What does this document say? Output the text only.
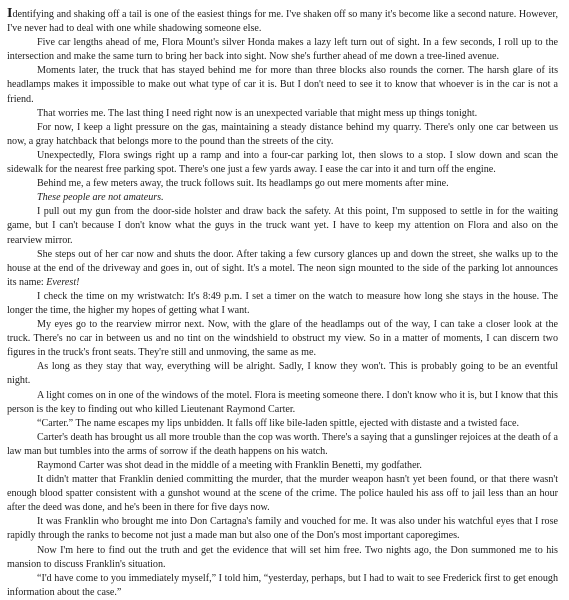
Identifying and shaking off a tail is one of the easiest things for me. I've shaken off so many it's become like a second nature. However, I've never had to deal with one while shadowing someone else.

Five car lengths ahead of me, Flora Mount's silver Honda makes a lazy left turn out of sight. In a few seconds, I roll up to the intersection and make the same turn to bring her back into sight. Now she's further ahead of me down a tree-lined avenue.

Moments later, the truck that has stayed behind me for more than three blocks also rounds the corner. The harsh glare of its headlamps makes it impossible to make out what type of car it is. But I don't need to see it to know that whoever is in the car is not a friend.

That worries me. The last thing I need right now is an unexpected variable that might mess up things tonight.

For now, I keep a light pressure on the gas, maintaining a steady distance behind my quarry. There's only one car between us now, a gray hatchback that belongs more to the pound than the streets of the city.

Unexpectedly, Flora swings right up a ramp and into a four-car parking lot, then slows to a stop. I slow down and scan the sidewalk for the nearest free parking spot. There's one just a few yards away. I ease the car into it and turn off the engine.

Behind me, a few meters away, the truck follows suit. Its headlamps go out mere moments after mine.

These people are not amateurs.

I pull out my gun from the door-side holster and draw back the safety. At this point, I'm supposed to settle in for the waiting game, but I can't because I don't know what the guys in the truck want yet. I have to keep my attention on Flora and also on the rearview mirror.

She steps out of her car now and shuts the door. After taking a few cursory glances up and down the street, she walks up to the house at the end of the driveway and goes in, out of sight. It's a motel. The neon sign mounted to the side of the parking lot announces its name: Everest!

I check the time on my wristwatch: It's 8:49 p.m. I set a timer on the watch to measure how long she stays in the house. The longer the time, the higher my hopes of getting what I want.

My eyes go to the rearview mirror next. Now, with the glare of the headlamps out of the way, I can take a closer look at the truck. There's no car in between us and no tint on the windshield to obstruct my view. So in a matter of moments, I can discern two figures in the truck's front seats. They're still and unmoving, the same as me.

As long as they stay that way, everything will be alright. Sadly, I know they won't. This is probably going to be an eventful night.

A light comes on in one of the windows of the motel. Flora is meeting someone there. I don't know who it is, but I know that this person is the key to finding out who killed Lieutenant Raymond Carter.

“Carter.” The name escapes my lips unbidden. It falls off like bile-laden spittle, ejected with distaste and a twisted face.

Carter's death has brought us all more trouble than the cop was worth. There's a saying that a gunslinger rejoices at the death of a law man but tumbles into the arms of sorrow if the death happens on his watch.

Raymond Carter was shot dead in the middle of a meeting with Franklin Benetti, my godfather.

It didn't matter that Franklin denied committing the murder, that the murder weapon hasn't yet been found, or that there wasn't enough blood spatter consistent with a gunshot wound at the scene of the crime. The police hauled his ass off to jail less than an hour after the deed was done, and he's been in there for five days now.

It was Franklin who brought me into Don Cartagna's family and vouched for me. It was also under his watchful eyes that I rose rapidly through the ranks to become not just a made man but also one of the Don's most important caporegimes.

Now I'm here to find out the truth and get the evidence that will set him free. Two nights ago, the Don summoned me to his mansion to discuss Franklin's situation.

“I'd have come to you immediately myself,” I told him, “yesterday, perhaps, but I had to wait to see Frederick first to get enough information about the case.”
